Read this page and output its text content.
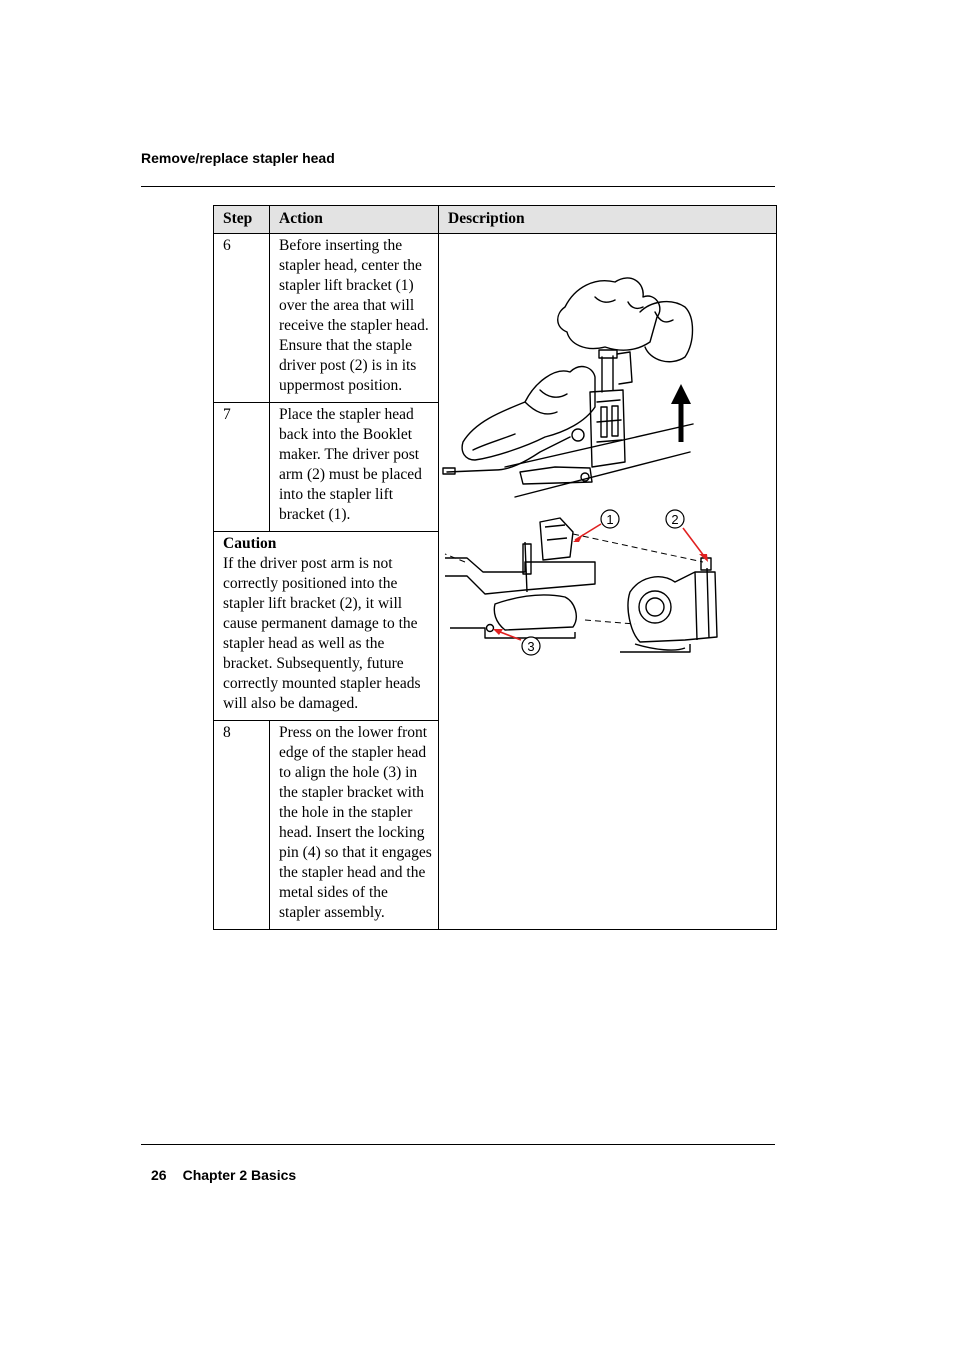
Remove/replace stapler head
Step	Action	Description
6	Before inserting the stapler head, center the stapler lift bracket (1) over the area that will receive the stapler head. Ensure that the staple driver post (2) is in its uppermost position.	1 2
3

7	Place the stapler head back into the Booklet maker. The driver post arm (2) must be placed into the stapler lift bracket (1).	

Caution
If the driver post arm is not correctly positioned into the stapler lift bracket (2), it will cause permanent damage to the stapler head as well as the bracket. Subsequently, future correctly mounted stapler heads will also be damaged.		

8	Press on the lower front edge of the stapler head to align the hole (3) in the stapler bracket with the hole in the stapler head. Insert the locking pin (4) so that it engages the stapler head and the metal sides of the stapler assembly.	
26 Chapter 2 Basics
